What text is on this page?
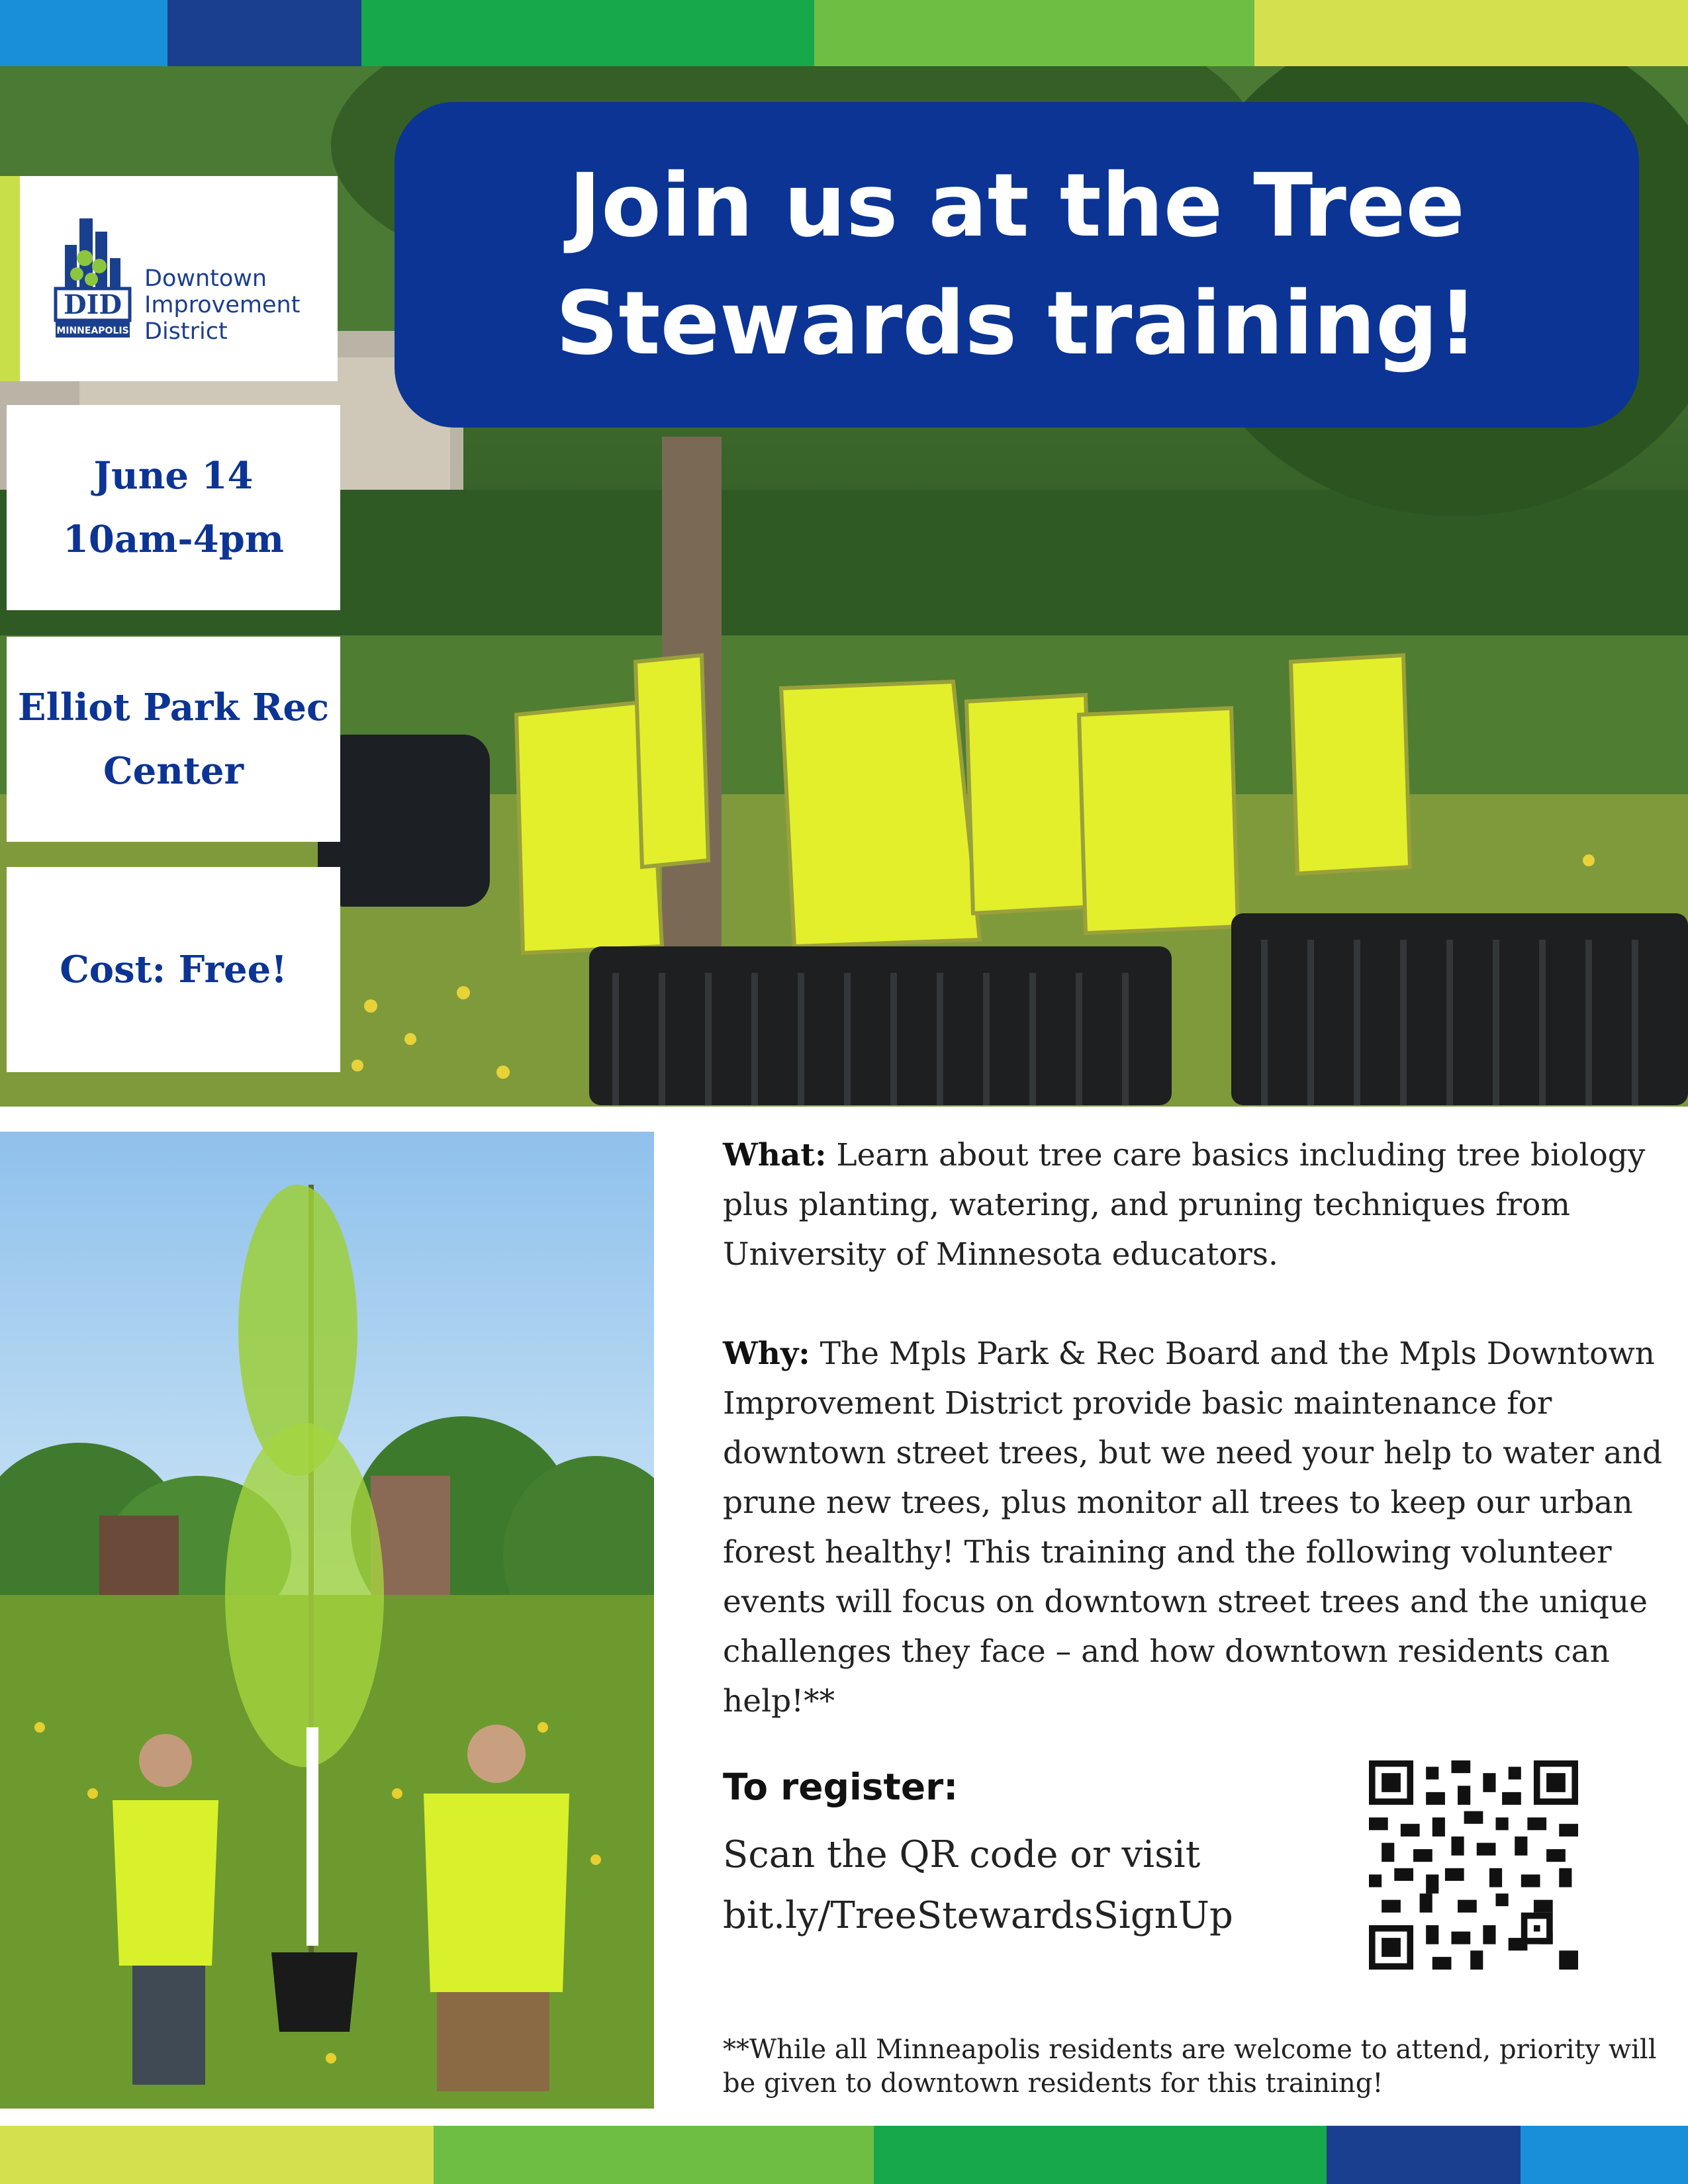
Join us at the Tree Stewards training!
DID
MINNEAPOLIS
Downtown
Improvement
District

June 14
10am-4pm

Elliot Park Rec
Center

Cost: Free!

What: Learn about tree care basics including tree biology plus planting, watering, and pruning techniques from University of Minnesota educators.

Why: The Mpls Park & Rec Board and the Mpls Downtown Improvement District provide basic maintenance for downtown street trees, but we need your help to water and prune new trees, plus monitor all trees to keep our urban forest healthy! This training and the following volunteer events will focus on downtown street trees and the unique challenges they face – and how downtown residents can help!**

To register:

Scan the QR code or visit

bit.ly/TreeStewardsSignUp

**While all Minneapolis residents are welcome to attend, priority will be given to downtown residents for this training!
